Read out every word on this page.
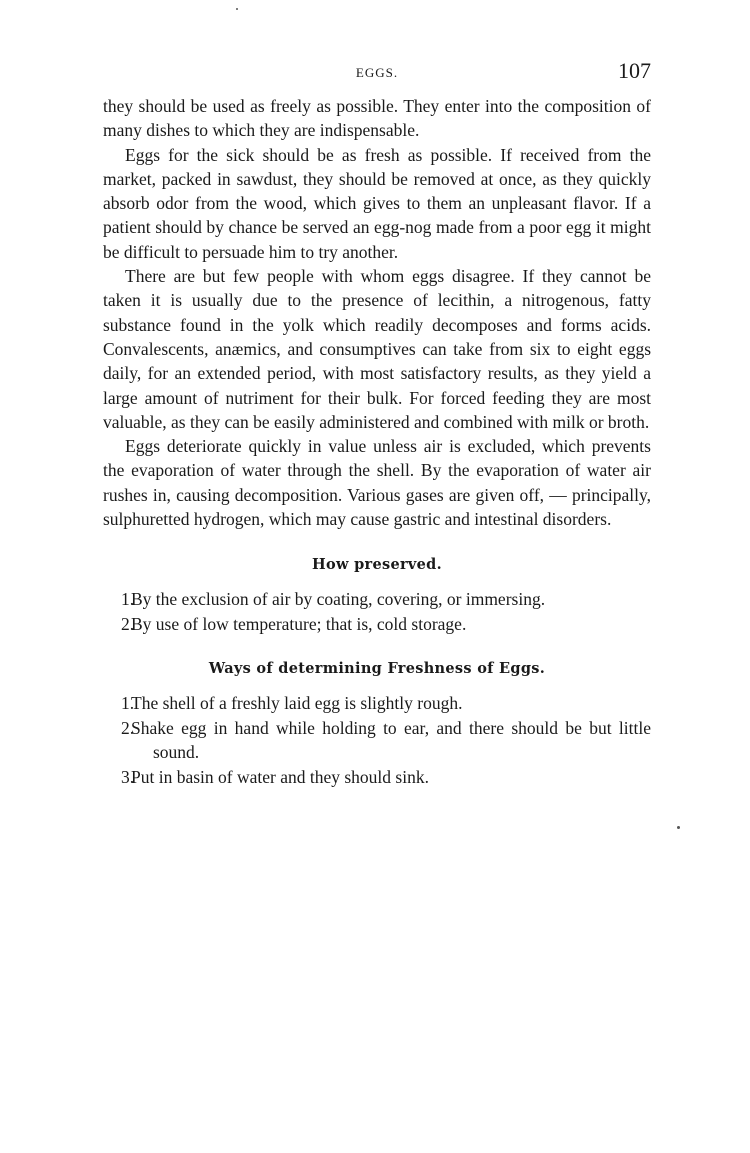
EGGS.	107

they should be used as freely as possible. They enter into the composition of many dishes to which they are indispensable.

Eggs for the sick should be as fresh as possible. If received from the market, packed in sawdust, they should be removed at once, as they quickly absorb odor from the wood, which gives to them an unpleasant flavor. If a patient should by chance be served an egg-nog made from a poor egg it might be difficult to persuade him to try another.

There are but few people with whom eggs disagree. If they cannot be taken it is usually due to the presence of lecithin, a nitrogenous, fatty substance found in the yolk which readily decomposes and forms acids. Convalescents, anæmics, and consumptives can take from six to eight eggs daily, for an extended period, with most satisfactory results, as they yield a large amount of nutriment for their bulk. For forced feeding they are most valuable, as they can be easily administered and combined with milk or broth.

Eggs deteriorate quickly in value unless air is excluded, which prevents the evaporation of water through the shell. By the evaporation of water air rushes in, causing decomposition. Various gases are given off, — principally, sulphuretted hydrogen, which may cause gastric and intestinal disorders.

How preserved.
1.
By the exclusion of air by coating, covering, or immersing.
2.
By use of low temperature; that is, cold storage.
Ways of determining Freshness of Eggs.
1.
The shell of a freshly laid egg is slightly rough.
2.
Shake egg in hand while holding to ear, and there should be but little sound.
3.
Put in basin of water and they should sink.
